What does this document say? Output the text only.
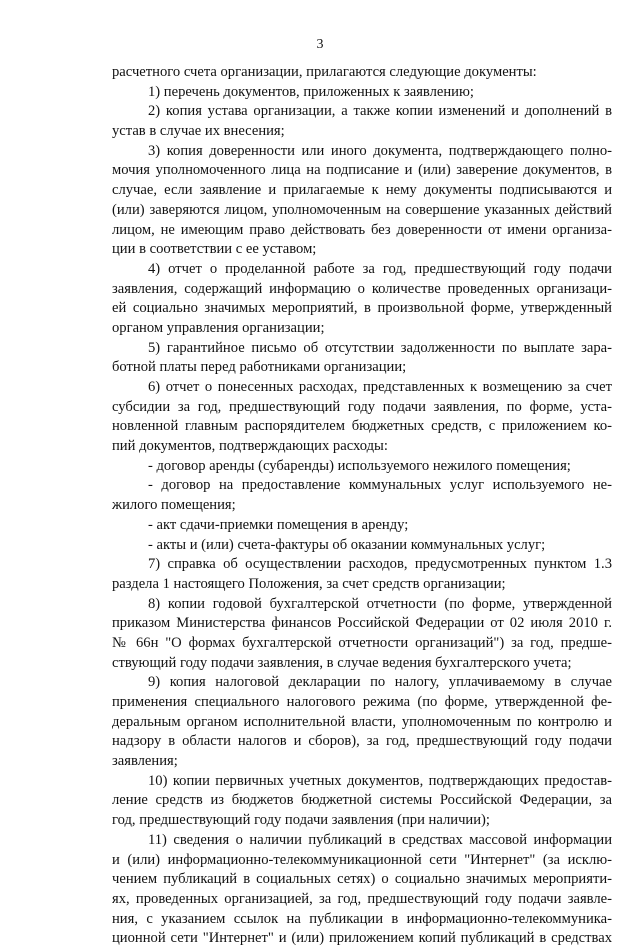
3
расчетного счета организации, прилагаются следующие документы:
1) перечень документов, приложенных к заявлению;
2) копия устава организации, а также копии изменений и дополнений в
устав в случае их внесения;
3) копия доверенности или иного документа, подтверждающего полно-
мочия уполномоченного лица на подписание и (или) заверение документов, в
случае, если заявление и прилагаемые к нему документы подписываются и
(или) заверяются лицом, уполномоченным на совершение указанных действий
лицом, не имеющим право действовать без доверенности от имени организа-
ции в соответствии с ее уставом;
4) отчет о проделанной работе за год, предшествующий году подачи
заявления, содержащий информацию о количестве проведенных организаци-
ей социально значимых мероприятий, в произвольной форме, утвержденный
органом управления организации;
5) гарантийное письмо об отсутствии задолженности по выплате зара-
ботной платы перед работниками организации;
6) отчет о понесенных расходах, представленных к возмещению за счет
субсидии за год, предшествующий году подачи заявления, по форме, уста-
новленной главным распорядителем бюджетных средств, с приложением ко-
пий документов, подтверждающих расходы:
- договор аренды (субаренды) используемого нежилого помещения;
- договор на предоставление коммунальных услуг используемого не-
жилого помещения;
- акт сдачи-приемки помещения в аренду;
- акты и (или) счета-фактуры об оказании коммунальных услуг;
7) справка об осуществлении расходов, предусмотренных пунктом 1.3
раздела 1 настоящего Положения, за счет средств организации;
8) копии годовой бухгалтерской отчетности (по форме, утвержденной
приказом Министерства финансов Российской Федерации от 02 июля 2010 г.
№ 66н "О формах бухгалтерской отчетности организаций") за год, предше-
ствующий году подачи заявления, в случае ведения бухгалтерского учета;
9) копия налоговой декларации по налогу, уплачиваемому в случае
применения специального налогового режима (по форме, утвержденной фе-
деральным органом исполнительной власти, уполномоченным по контролю и
надзору в области налогов и сборов), за год, предшествующий году подачи
заявления;
10) копии первичных учетных документов, подтверждающих предостав-
ление средств из бюджетов бюджетной системы Российской Федерации, за
год, предшествующий году подачи заявления (при наличии);
11) сведения о наличии публикаций в средствах массовой информации
и (или) информационно-телекоммуникационной сети "Интернет" (за исклю-
чением публикаций в социальных сетях) о социально значимых мероприяти-
ях, проведенных организацией, за год, предшествующий году подачи заявле-
ния, с указанием ссылок на публикации в информационно-телекоммуника-
ционной сети "Интернет" и (или) приложением копий публикаций в средствах
